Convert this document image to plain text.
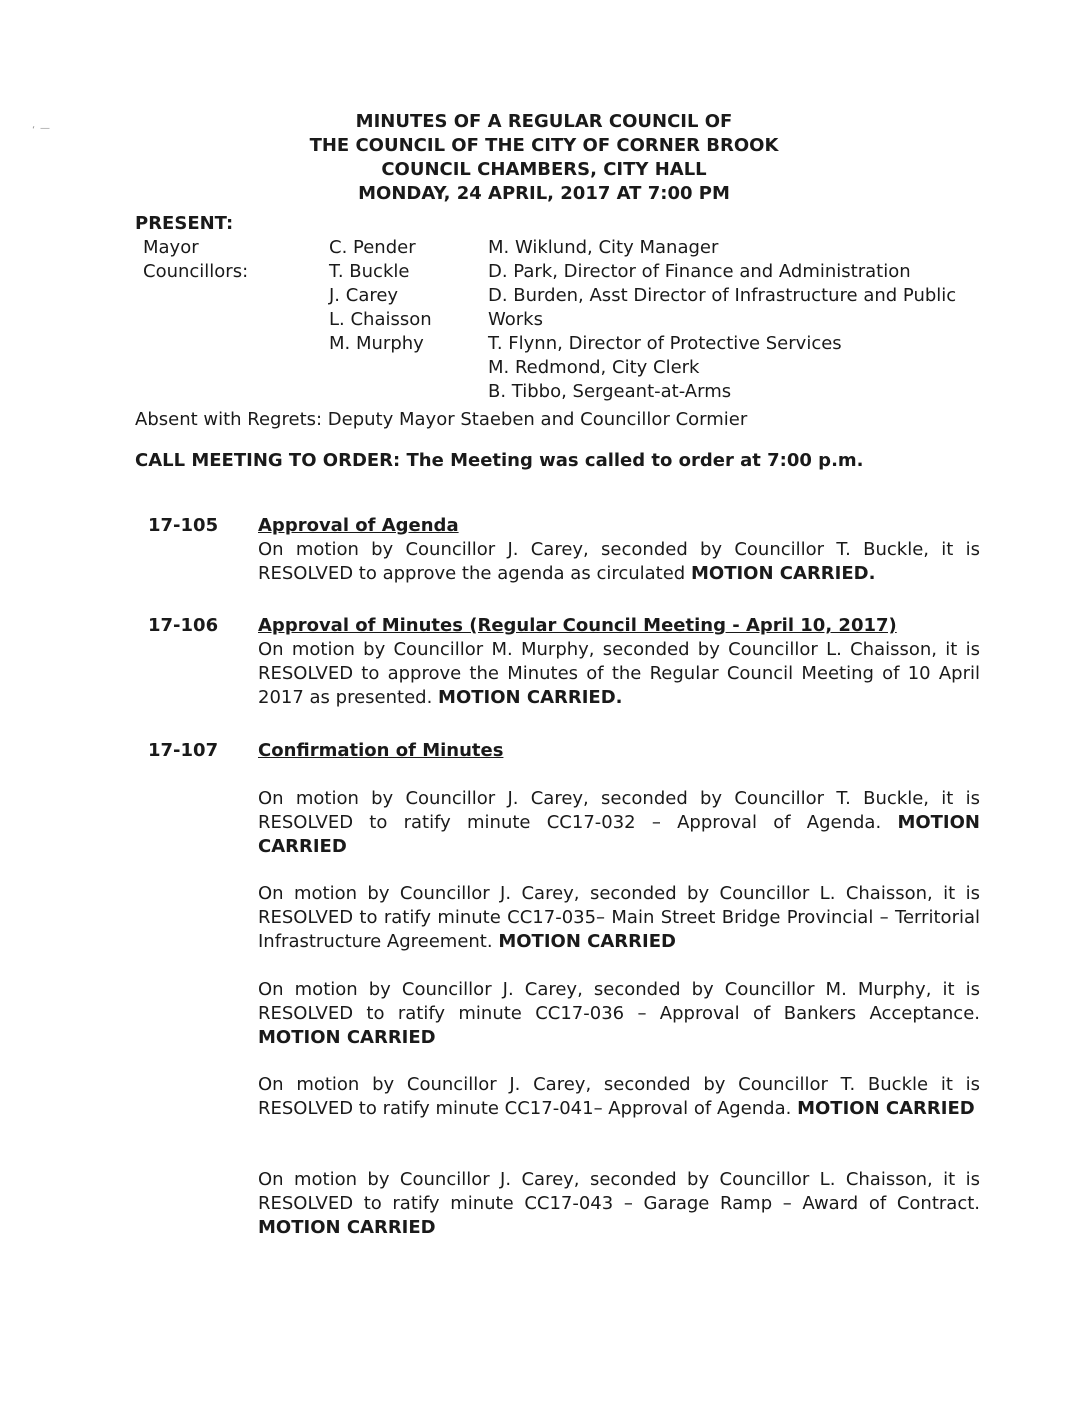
MINUTES OF A REGULAR COUNCIL OF
THE COUNCIL OF THE CITY OF CORNER BROOK
COUNCIL CHAMBERS, CITY HALL
MONDAY, 24 APRIL, 2017 AT 7:00 PM
PRESENT:
Mayor
Councillors:
C. Pender
T. Buckle
J. Carey
L. Chaisson
M. Murphy
M. Wiklund, City Manager
D. Park, Director of Finance and Administration
D. Burden, Asst Director of Infrastructure and Public Works
T. Flynn, Director of Protective Services
M. Redmond, City Clerk
B. Tibbo, Sergeant-at-Arms
Absent with Regrets: Deputy Mayor Staeben and Councillor Cormier
CALL MEETING TO ORDER: The Meeting was called to order at 7:00 p.m.
17-105 Approval of Agenda
On motion by Councillor J. Carey, seconded by Councillor T. Buckle, it is RESOLVED to approve the agenda as circulated MOTION CARRIED.
17-106 Approval of Minutes (Regular Council Meeting - April 10, 2017)
On motion by Councillor M. Murphy, seconded by Councillor L. Chaisson, it is RESOLVED to approve the Minutes of the Regular Council Meeting of 10 April 2017 as presented. MOTION CARRIED.
17-107 Confirmation of Minutes
On motion by Councillor J. Carey, seconded by Councillor T. Buckle, it is RESOLVED to ratify minute CC17-032 – Approval of Agenda. MOTION CARRIED
On motion by Councillor J. Carey, seconded by Councillor L. Chaisson, it is RESOLVED to ratify minute CC17-035– Main Street Bridge Provincial – Territorial Infrastructure Agreement. MOTION CARRIED
On motion by Councillor J. Carey, seconded by Councillor M. Murphy, it is RESOLVED to ratify minute CC17-036 – Approval of Bankers Acceptance. MOTION CARRIED
On motion by Councillor J. Carey, seconded by Councillor T. Buckle it is RESOLVED to ratify minute CC17-041– Approval of Agenda. MOTION CARRIED
On motion by Councillor J. Carey, seconded by Councillor L. Chaisson, it is RESOLVED to ratify minute CC17-043 – Garage Ramp – Award of Contract. MOTION CARRIED
‘ —
